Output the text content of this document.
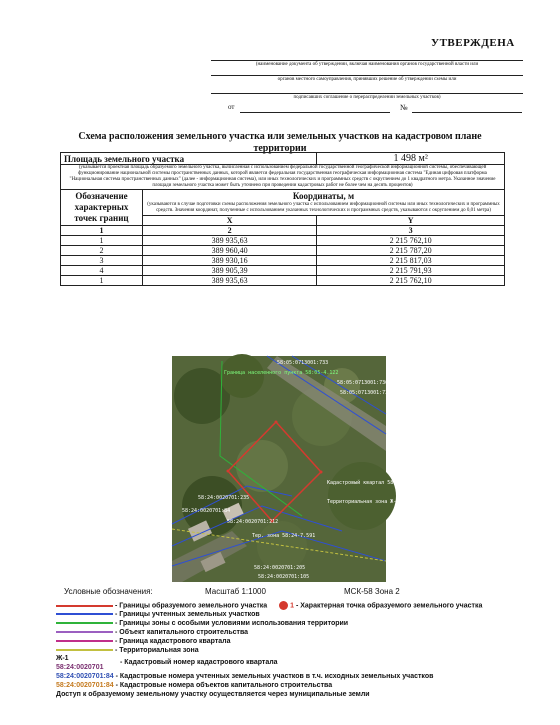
УТВЕРЖДЕНА
(наименование документа об утверждении, включая наименования органов государственной власти или
органов местного самоуправления, принявших решение об утверждении схемы или
подписавших соглашение о перераспределении земельных участков)
от	№
Схема расположения земельного участка или земельных участков на кадастровом плане территории
Площадь земельного участка		1 498 м²
(указывается проектная площадь образуемого земельного участка, вычисленная с использованием федеральной государственной географической информационной системы, обеспечивающей функционирование национальной системы пространственных данных, которой является федеральная государственная географическая информационная система "Единая цифровая платформа "Национальная система пространственных данных" (далее - информационная система), или иных технологических и программных средств с округлением до 1 квадратного метра. Указанное значение площади земельного участка может быть уточнено при проведении кадастровых работ не более чем на десять процентов)		
Обозначение характерных точек границ	Координаты, м
(указываются в случае подготовки схемы расположения земельного участка с использованием информационной системы или иных технологических и программных средств. Значения координат, полученные с использованием указанных технологических и программных средств, указываются с округлением до 0,01 метра)	

	X	Y
1	2	3
1	389 935,63	2 215 762,10
2	389 960,40	2 215 787,20
3	389 930,16	2 215 817,03
4	389 905,39	2 215 791,93
1	389 935,63	2 215 762,10
58:05:0713001:733
58:05:0713001:736
58:05:0713001:737
Граница населенного пункта 58:05-4.122
Кадастровый квартал 58:24:0020701
Территориальная зона Ж-1
58:24:0020701:235
58:24:0020701:84
58:24:0020701:212
Тер. зона 58:24-7.591
58:24:0020701:205
58:24:0020701:105
Условные обозначения:	Масштаб 1:1000	МСК-58 Зона 2
- Границы образуемого земельного участка	1 - Характерная точка образуемого земельного участка
- Границы учтенных земельных участков
- Границы зоны с особыми условиями использования территории
- Объект капитального строительства
- Граница кадастрового квартала
- Территориальная зона
Ж-1
58:24:0020701
58:24:0020701:84 - Кадастровые номера учтенных земельных участков в т.ч. исходных земельных участков
58:24:0020701:84 - Кадастровые номера объектов капитального строительства
Доступ к образуемому земельному участку осуществляется через муниципальные земли
- Кадастровый номер кадастрового квартала
